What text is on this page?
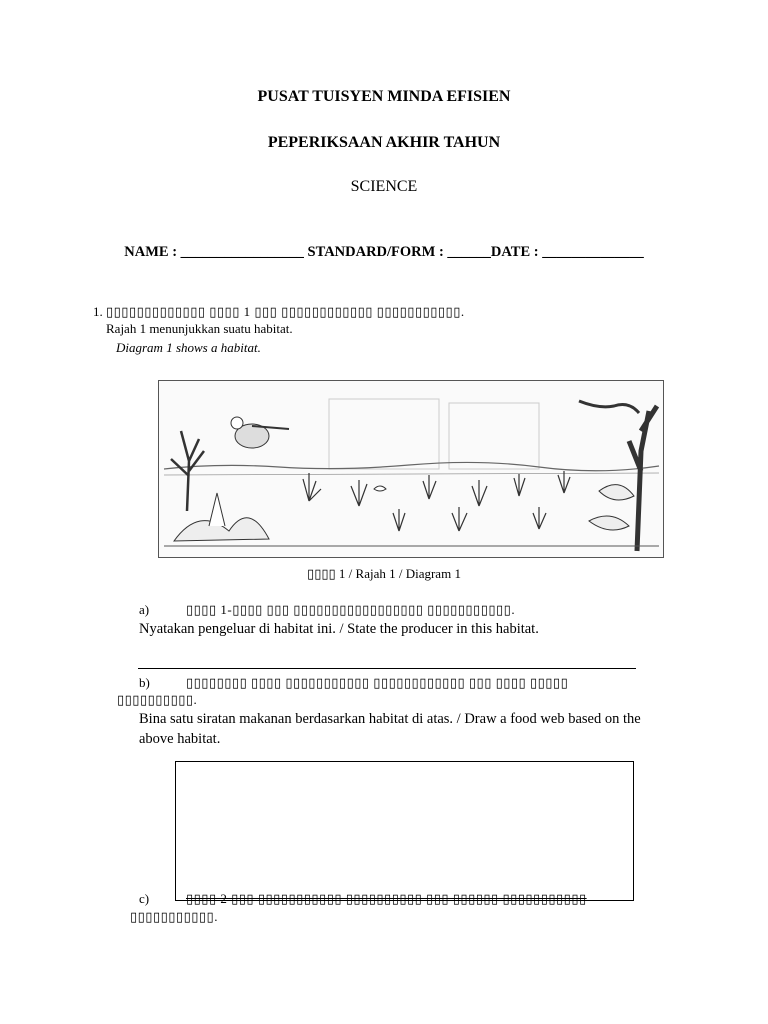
PUSAT TUISYEN MINDA EFISIEN
PEPERIKSAAN AKHIR TAHUN
SCIENCE
NAME : _________________ STANDARD/FORM : ______DATE : ______________
1. ▯▯▯▯▯▯▯▯▯▯▯▯▯ ▯▯▯▯ 1 ▯▯▯ ▯▯▯▯▯▯▯▯▯▯▯▯ ▯▯▯▯▯▯▯▯▯▯▯.
Rajah 1 menunjukkan suatu habitat.
Diagram 1 shows a habitat.
▯▯▯▯ 1 / Rajah 1 / Diagram 1
a)	▯▯▯▯ 1-▯▯▯▯ ▯▯▯ ▯▯▯▯▯▯▯▯▯▯▯▯▯▯▯▯▯ ▯▯▯▯▯▯▯▯▯▯▯.
Nyatakan pengeluar di habitat ini. / State the producer in this habitat.
b)	▯▯▯▯▯▯▯▯ ▯▯▯▯ ▯▯▯▯▯▯▯▯▯▯▯ ▯▯▯▯▯▯▯▯▯▯▯▯ ▯▯▯ ▯▯▯▯ ▯▯▯▯▯
▯▯▯▯▯▯▯▯▯▯.
Bina satu siratan makanan berdasarkan habitat di atas. / Draw a food web based on the
above habitat.
c)	▯▯▯▯ 2 ▯▯▯ ▯▯▯▯▯▯▯▯▯▯▯ ▯▯▯▯▯▯▯▯▯▯ ▯▯▯ ▯▯▯▯▯▯ ▯▯▯▯▯▯▯▯▯▯▯
▯▯▯▯▯▯▯▯▯▯▯.
